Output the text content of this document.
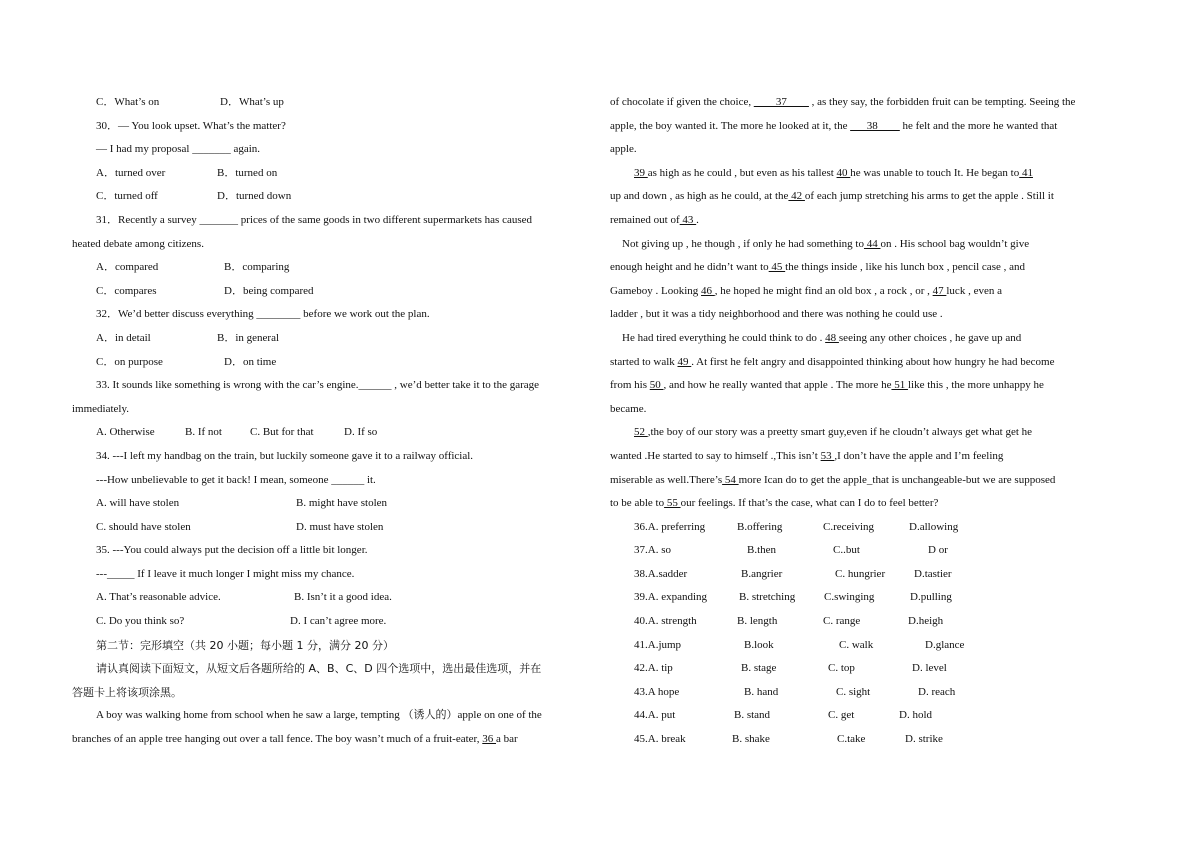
C．What’s on	D．What’s up
30．— You look upset. What’s the matter?
— I had my proposal _______ again.
A．turned over	B．turned on
C．turned off	D．turned down
31．Recently a survey _______ prices of the same goods in two different supermarkets has caused
heated debate among citizens.
A．compared	B．comparing
C．compares	D．being compared
32．We’d better discuss everything ________ before we work out the plan.
A．in detail	B．in general
C．on purpose	D．on time
33. It sounds like something is wrong with the car’s engine.______ , we’d better take it to the garage
immediately.
A. Otherwise	B. If not	C. But for that	D. If so
34. ---I left my handbag on the train, but luckily someone gave it to a railway official.
---How unbelievable to get it back! I mean, someone ______ it.
A. will have stolen	B. might have stolen
C. should have stolen	D. must have stolen
35. ---You could always put the decision off a little bit longer.
---_____ If I leave it much longer I might miss my chance.
A. That’s reasonable advice.	B. Isn’t it a good idea.
C. Do you think so?	D. I can’t agree more.
第二节：完形填空（共 20 小题；每小题 1 分，满分 20 分）
请认真阅读下面短文，从短文后各题所给的 A、B、C、D 四个选项中，选出最佳选项，并在
答题卡上将该项涂黑。
A boy was walking home from school when he saw a large, tempting （诱人的）apple on one of the
branches of an apple tree hanging out over a tall fence. The boy wasn’t much of a fruit-eater, 36 a bar
of chocolate if given the choice, ____37____ , as they say, the forbidden fruit can be tempting. Seeing the
apple, the boy wanted it. The more he looked at it, the ___38____ he felt and the more he wanted that
apple.
39 as high as he could , but even as his tallest 40 he was unable to touch It. He began to 41
up and down , as high as he could, at the 42 of each jump stretching his arms to get the apple . Still it
remained out of 43 .
Not giving up , he though , if only he had something to 44 on . His school bag wouldn’t give
enough height and he didn’t want to 45 the things inside , like his lunch box , pencil case , and
Gameboy . Looking 46 , he hoped he might find an old box , a rock , or , 47 luck , even a
ladder , but it was a tidy neighborhood and there was nothing he could use .
He had tired everything he could think to do . 48 seeing any other choices , he gave up and
started to walk 49 . At first he felt angry and disappointed thinking about how hungry he had become
from his 50 , and how he really wanted that apple . The more he 51 like this , the more unhappy he
became.
52 ,the boy of our story was a preetty smart guy,even if he cloudn’t always get what get he
wanted .He started to say to himself .,This isn’t 53 ,I don’t have the apple and I’m feeling
miserable as well.There’s 54 more Ican do to get the apple_that is unchangeable-but we are supposed
to be able to 55 our feelings. If that’s the case, what can I do to feel better?
36.A. preferring	B.offering	C.receiving	D.allowing
37.A. so	B.then	C..but	D or
38.A.sadder	B.angrier	C. hungrier	D.tastier
39.A. expanding	B. stretching	C.swinging	D.pulling
40.A. strength	B. length	C. range	D.heigh
41.A.jump	B.look	C. walk	D.glance
42.A. tip	B. stage	C. top	D. level
43.A hope	B. hand	C. sight	D. reach
44.A. put	B. stand	C. get	D. hold
45.A. break	B. shake	C.take	D. strike
